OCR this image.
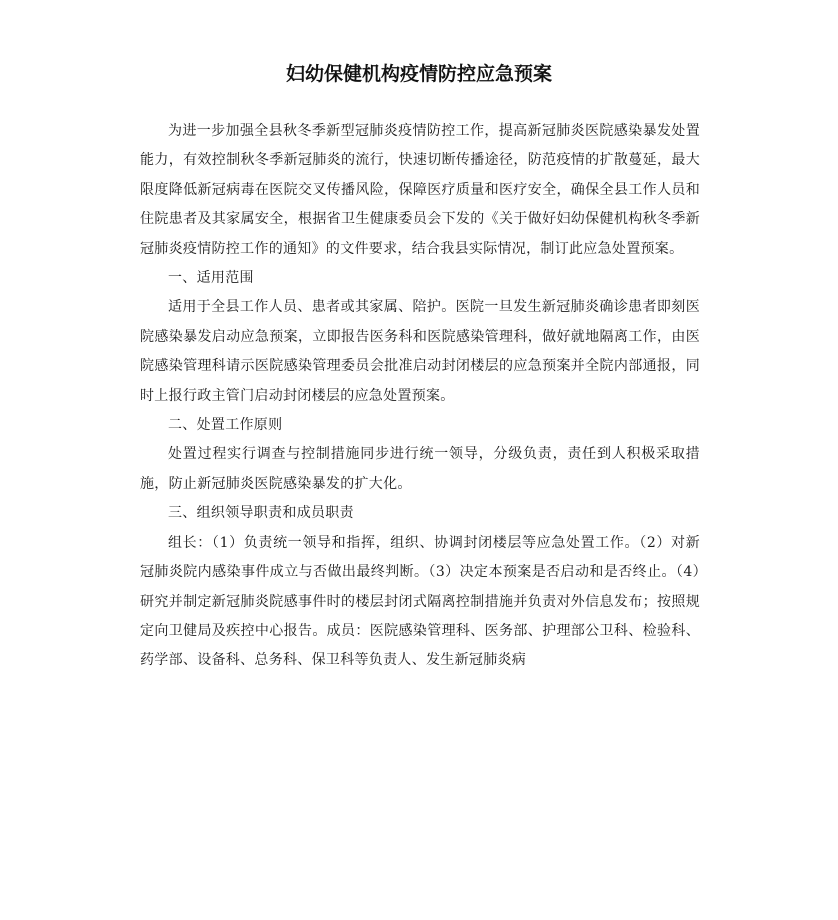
妇幼保健机构疫情防控应急预案

为进一步加强全县秋冬季新型冠肺炎疫情防控工作，提高新冠肺炎医院感染暴发处置能力，有效控制秋冬季新冠肺炎的流行，快速切断传播途径，防范疫情的扩散蔓延，最大限度降低新冠病毒在医院交叉传播风险，保障医疗质量和医疗安全，确保全县工作人员和住院患者及其家属安全，根据省卫生健康委员会下发的《关于做好妇幼保健机构秋冬季新冠肺炎疫情防控工作的通知》的文件要求，结合我县实际情况，制订此应急处置预案。

一、适用范围

适用于全县工作人员、患者或其家属、陪护。医院一旦发生新冠肺炎确诊患者即刻医院感染暴发启动应急预案，立即报告医务科和医院感染管理科，做好就地隔离工作，由医院感染管理科请示医院感染管理委员会批准启动封闭楼层的应急预案并全院内部通报，同时上报行政主管门启动封闭楼层的应急处置预案。

二、处置工作原则

处置过程实行调查与控制措施同步进行统一领导，分级负责，责任到人积极采取措施，防止新冠肺炎医院感染暴发的扩大化。

三、组织领导职责和成员职责

组长：（1）负责统一领导和指挥，组织、协调封闭楼层等应急处置工作。（2）对新冠肺炎院内感染事件成立与否做出最终判断。（3）决定本预案是否启动和是否终止。（4）研究并制定新冠肺炎院感事件时的楼层封闭式隔离控制措施并负责对外信息发布；按照规定向卫健局及疾控中心报告。成员：医院感染管理科、医务部、护理部公卫科、检验科、药学部、设备科、总务科、保卫科等负责人、发生新冠肺炎病
